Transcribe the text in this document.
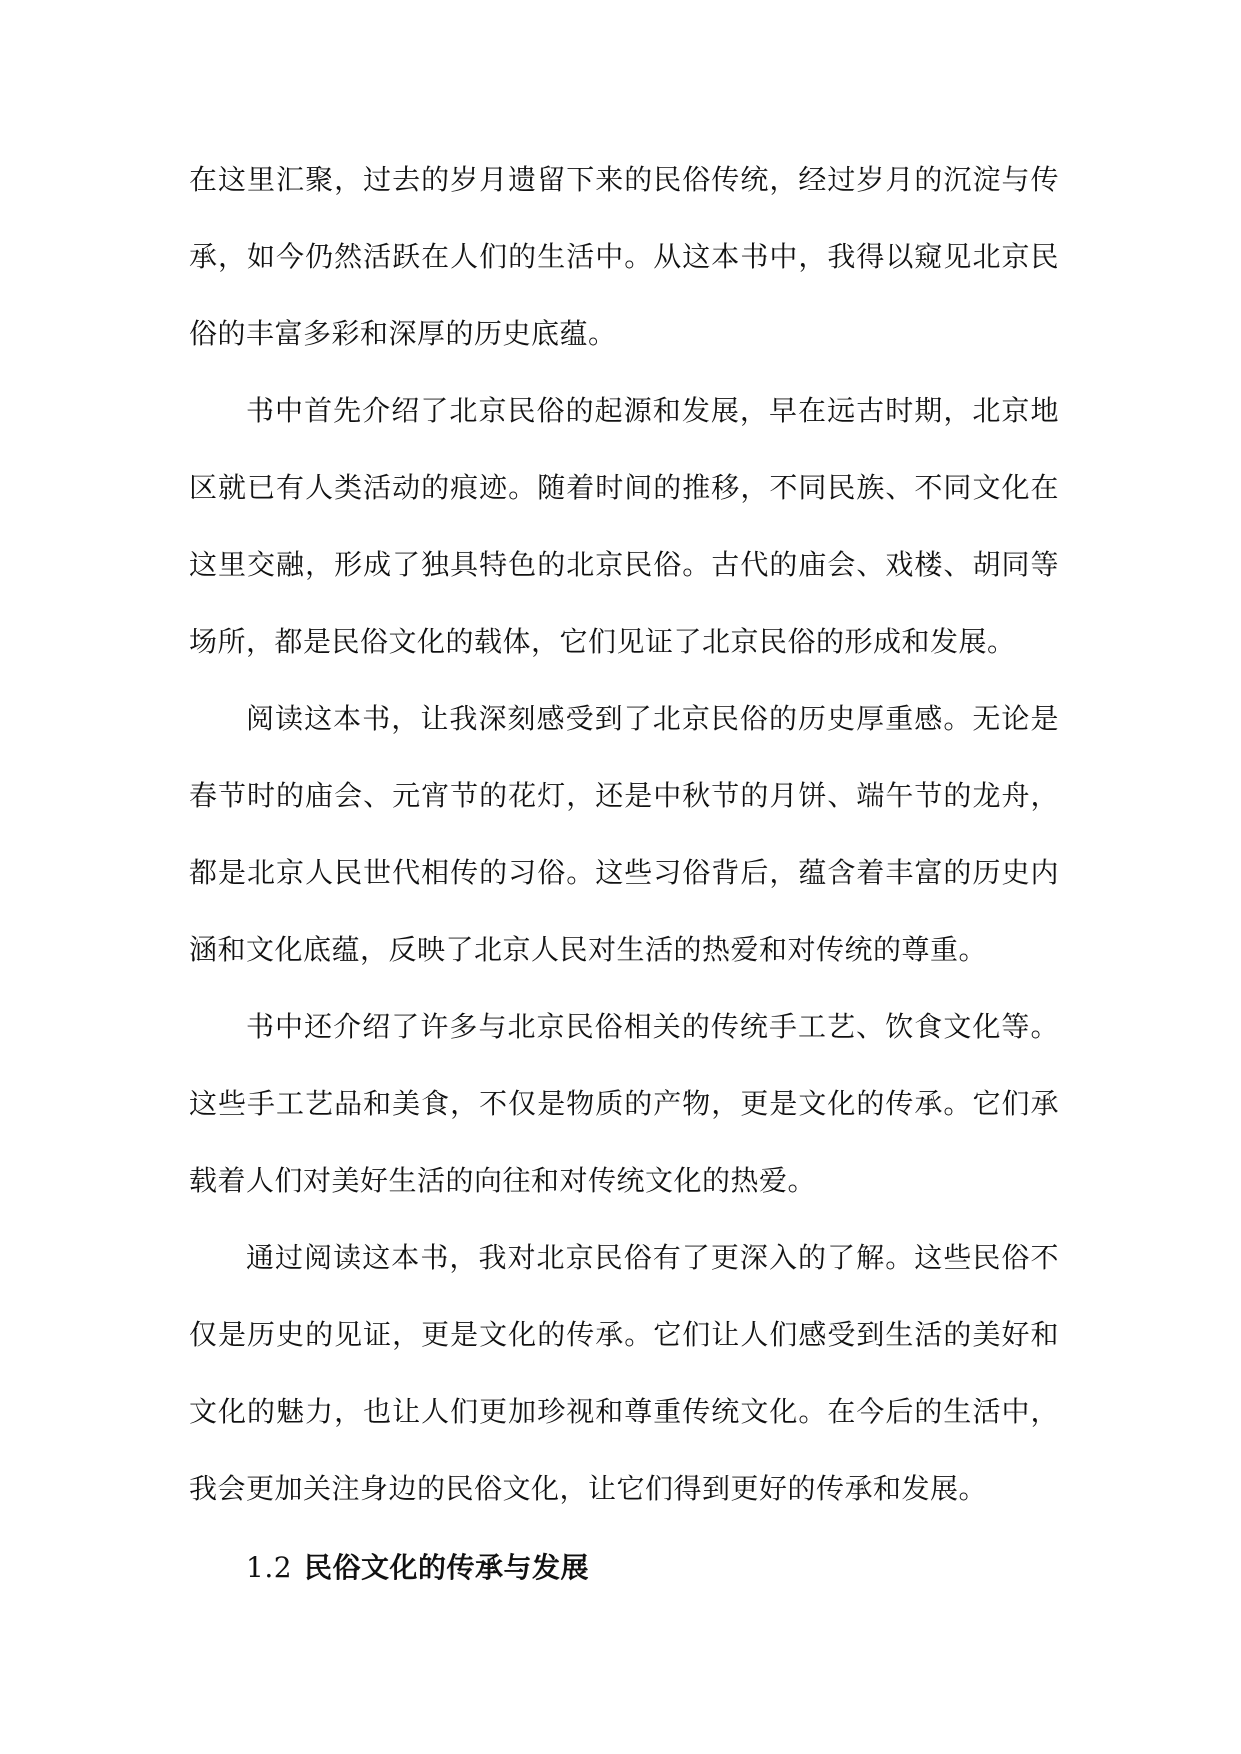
在这里汇聚，过去的岁月遗留下来的民俗传统，经过岁月的沉淀与传承，如今仍然活跃在人们的生活中。从这本书中，我得以窥见北京民俗的丰富多彩和深厚的历史底蕴。

书中首先介绍了北京民俗的起源和发展，早在远古时期，北京地区就已有人类活动的痕迹。随着时间的推移，不同民族、不同文化在这里交融，形成了独具特色的北京民俗。古代的庙会、戏楼、胡同等场所，都是民俗文化的载体，它们见证了北京民俗的形成和发展。

阅读这本书，让我深刻感受到了北京民俗的历史厚重感。无论是春节时的庙会、元宵节的花灯，还是中秋节的月饼、端午节的龙舟，都是北京人民世代相传的习俗。这些习俗背后，蕴含着丰富的历史内涵和文化底蕴，反映了北京人民对生活的热爱和对传统的尊重。

书中还介绍了许多与北京民俗相关的传统手工艺、饮食文化等。这些手工艺品和美食，不仅是物质的产物，更是文化的传承。它们承载着人们对美好生活的向往和对传统文化的热爱。

通过阅读这本书，我对北京民俗有了更深入的了解。这些民俗不仅是历史的见证，更是文化的传承。它们让人们感受到生活的美好和文化的魅力，也让人们更加珍视和尊重传统文化。在今后的生活中，我会更加关注身边的民俗文化，让它们得到更好的传承和发展。

1.2 民俗文化的传承与发展
